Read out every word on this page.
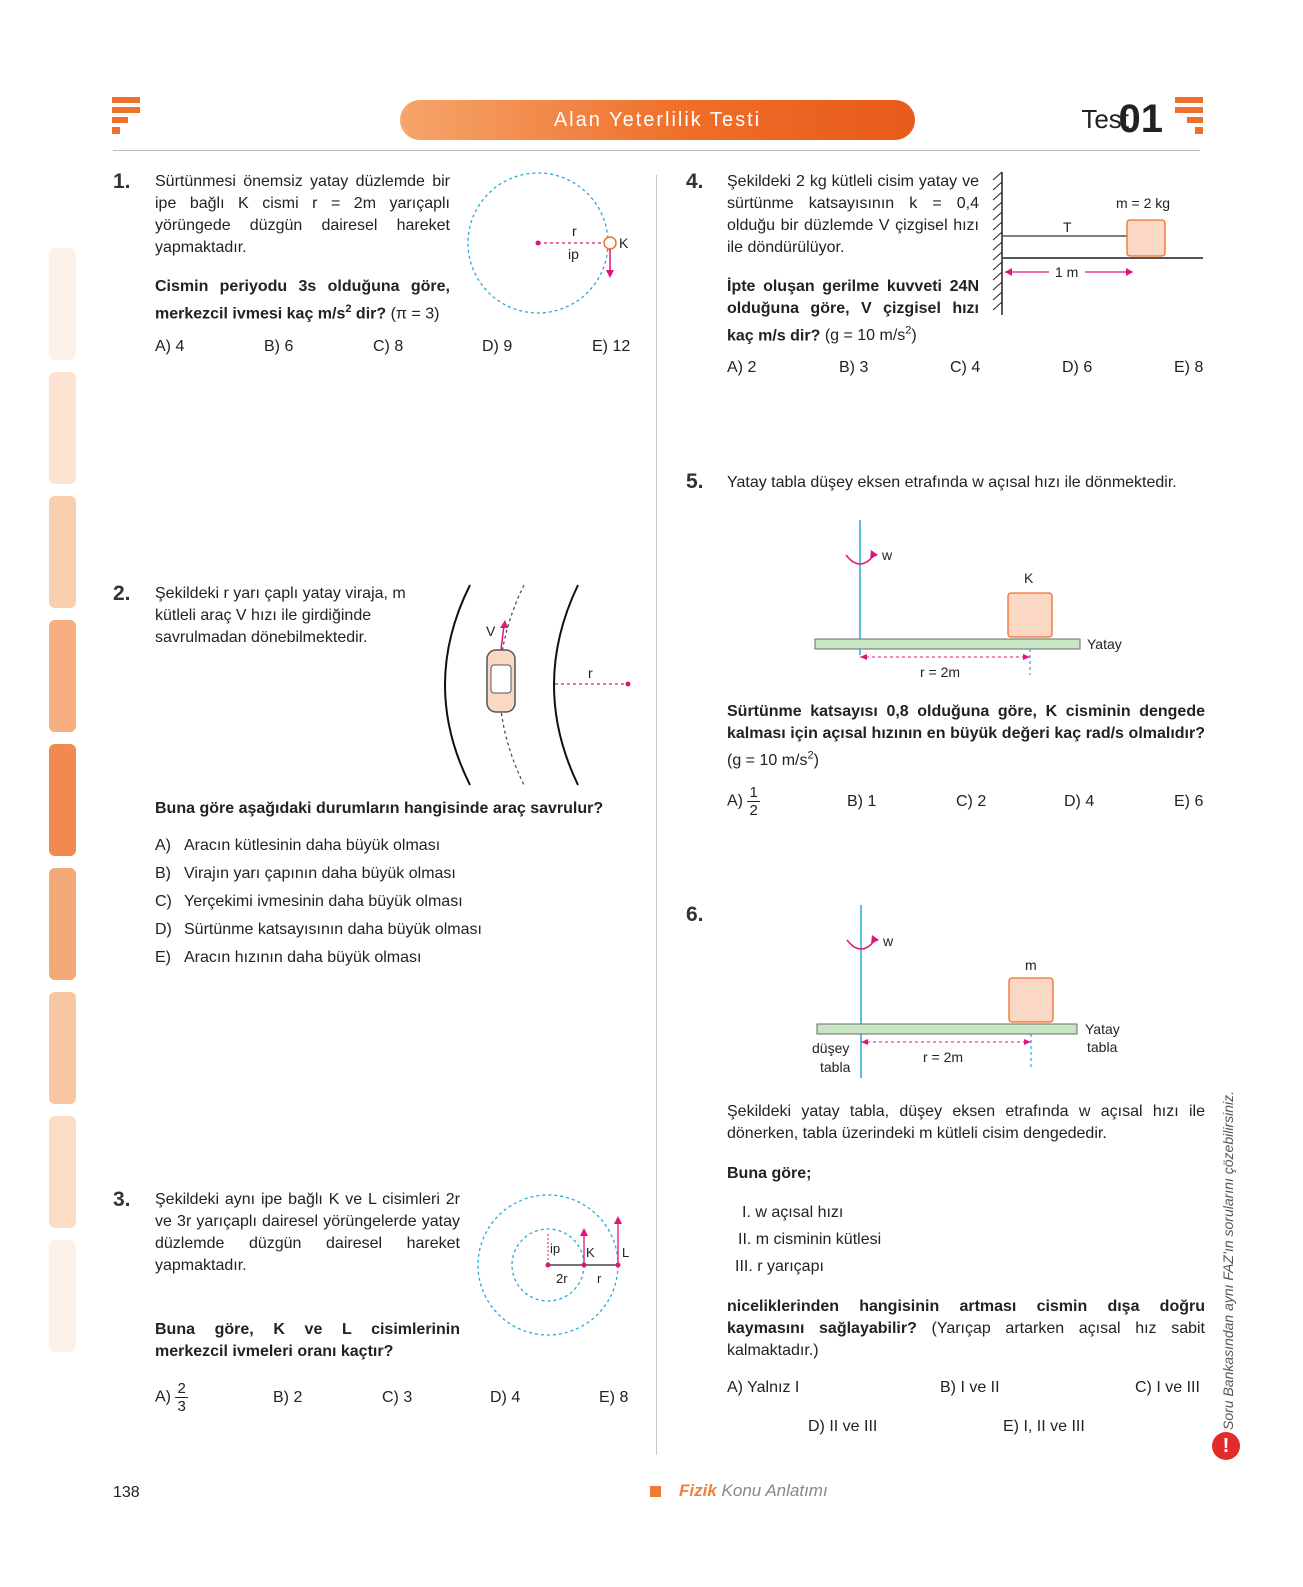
Alan Yeterlilik Testi	Test
01
1. Sürtünmesi önemsiz yatay düzlemde bir ipe bağlı K cismi r = 2m yarıçaplı yörüngede düzgün dairesel hareket yapmaktadır.
Cismin periyodu 3s olduğuna göre, merkezcil ivmesi kaç $m/s^2$ dir? (π = 3)
r
ip
K
A) 4	B) 6	C) 8	D) 9	E) 12
2. Şekildeki r yarı çaplı yatay viraja, m kütleli araç V hızı ile girdiğinde savrulmadan dönebilmektedir.	V
r
Buna göre aşağıdaki durumların hangisinde araç savrulur?
A) Aracın kütlesinin daha büyük olması
B) Virajın yarı çapının daha büyük olması
C) Yerçekimi ivmesinin daha büyük olması
D) Sürtünme katsayısının daha büyük olması
E) Aracın hızının daha büyük olması
3. Şekildeki aynı ipe bağlı K ve L cisimleri 2r ve 3r yarıçaplı dairesel yörüngelerde yatay düzlemde düzgün dairesel hareket yapmaktadır.
ip K L
2r r
Buna göre, K ve L cisimlerinin merkezcil ivmeleri oranı kaçtır?
$A) \frac{2}{3}$	B) 2	C) 3	D) 4	E) 8
4. Şekildeki 2 kg kütleli cisim yatay ve sürtünme katsayısının k = 0,4 olduğu bir düzlemde V çizgisel hızı ile döndürülüyor.
İpte oluşan gerilme kuvveti 24N olduğuna göre, V çizgisel hızı kaç m/s dir? (g = 10 $m/s^2$)
1 m
T
m = 2 kg
A) 2	B) 3	C) 4	D) 6	E) 8
5. Yatay tabla düşey eksen etrafında w açısal hızı ile dönmektedir.
w
K
Yatay
r = 2m
Sürtünme katsayısı 0,8 olduğuna göre, K cisminin dengede kalması için açısal hızının en büyük değeri kaç rad/s olmalıdır? (g = 10 $m/s^2$)
$A) \frac{1}{2}$	B) 1	C) 2	D) 4	E) 6
6.
w
m
Yatay
tabla
düşey
tabla
r = 2m
Şekildeki yatay tabla, düşey eksen etrafında w açısal hızı ile dönerken, tabla üzerindeki m kütleli cisim dengededir.
Buna göre;
I. w açısal hızı
II. m cisminin kütlesi
III. r yarıçapı
niceliklerinden hangisinin artması cismin dışa doğru kaymasını sağlayabilir? (Yarıçap artarken açısal hız sabit kalmaktadır.)
A) Yalnız I	B) I ve II	C) I ve III
D) II ve III	E) I, II ve III	Soru Bankasından aynı FAZ’ın sorularını çözebilirsiniz.
!
138	Fizik Konu Anlatımı
